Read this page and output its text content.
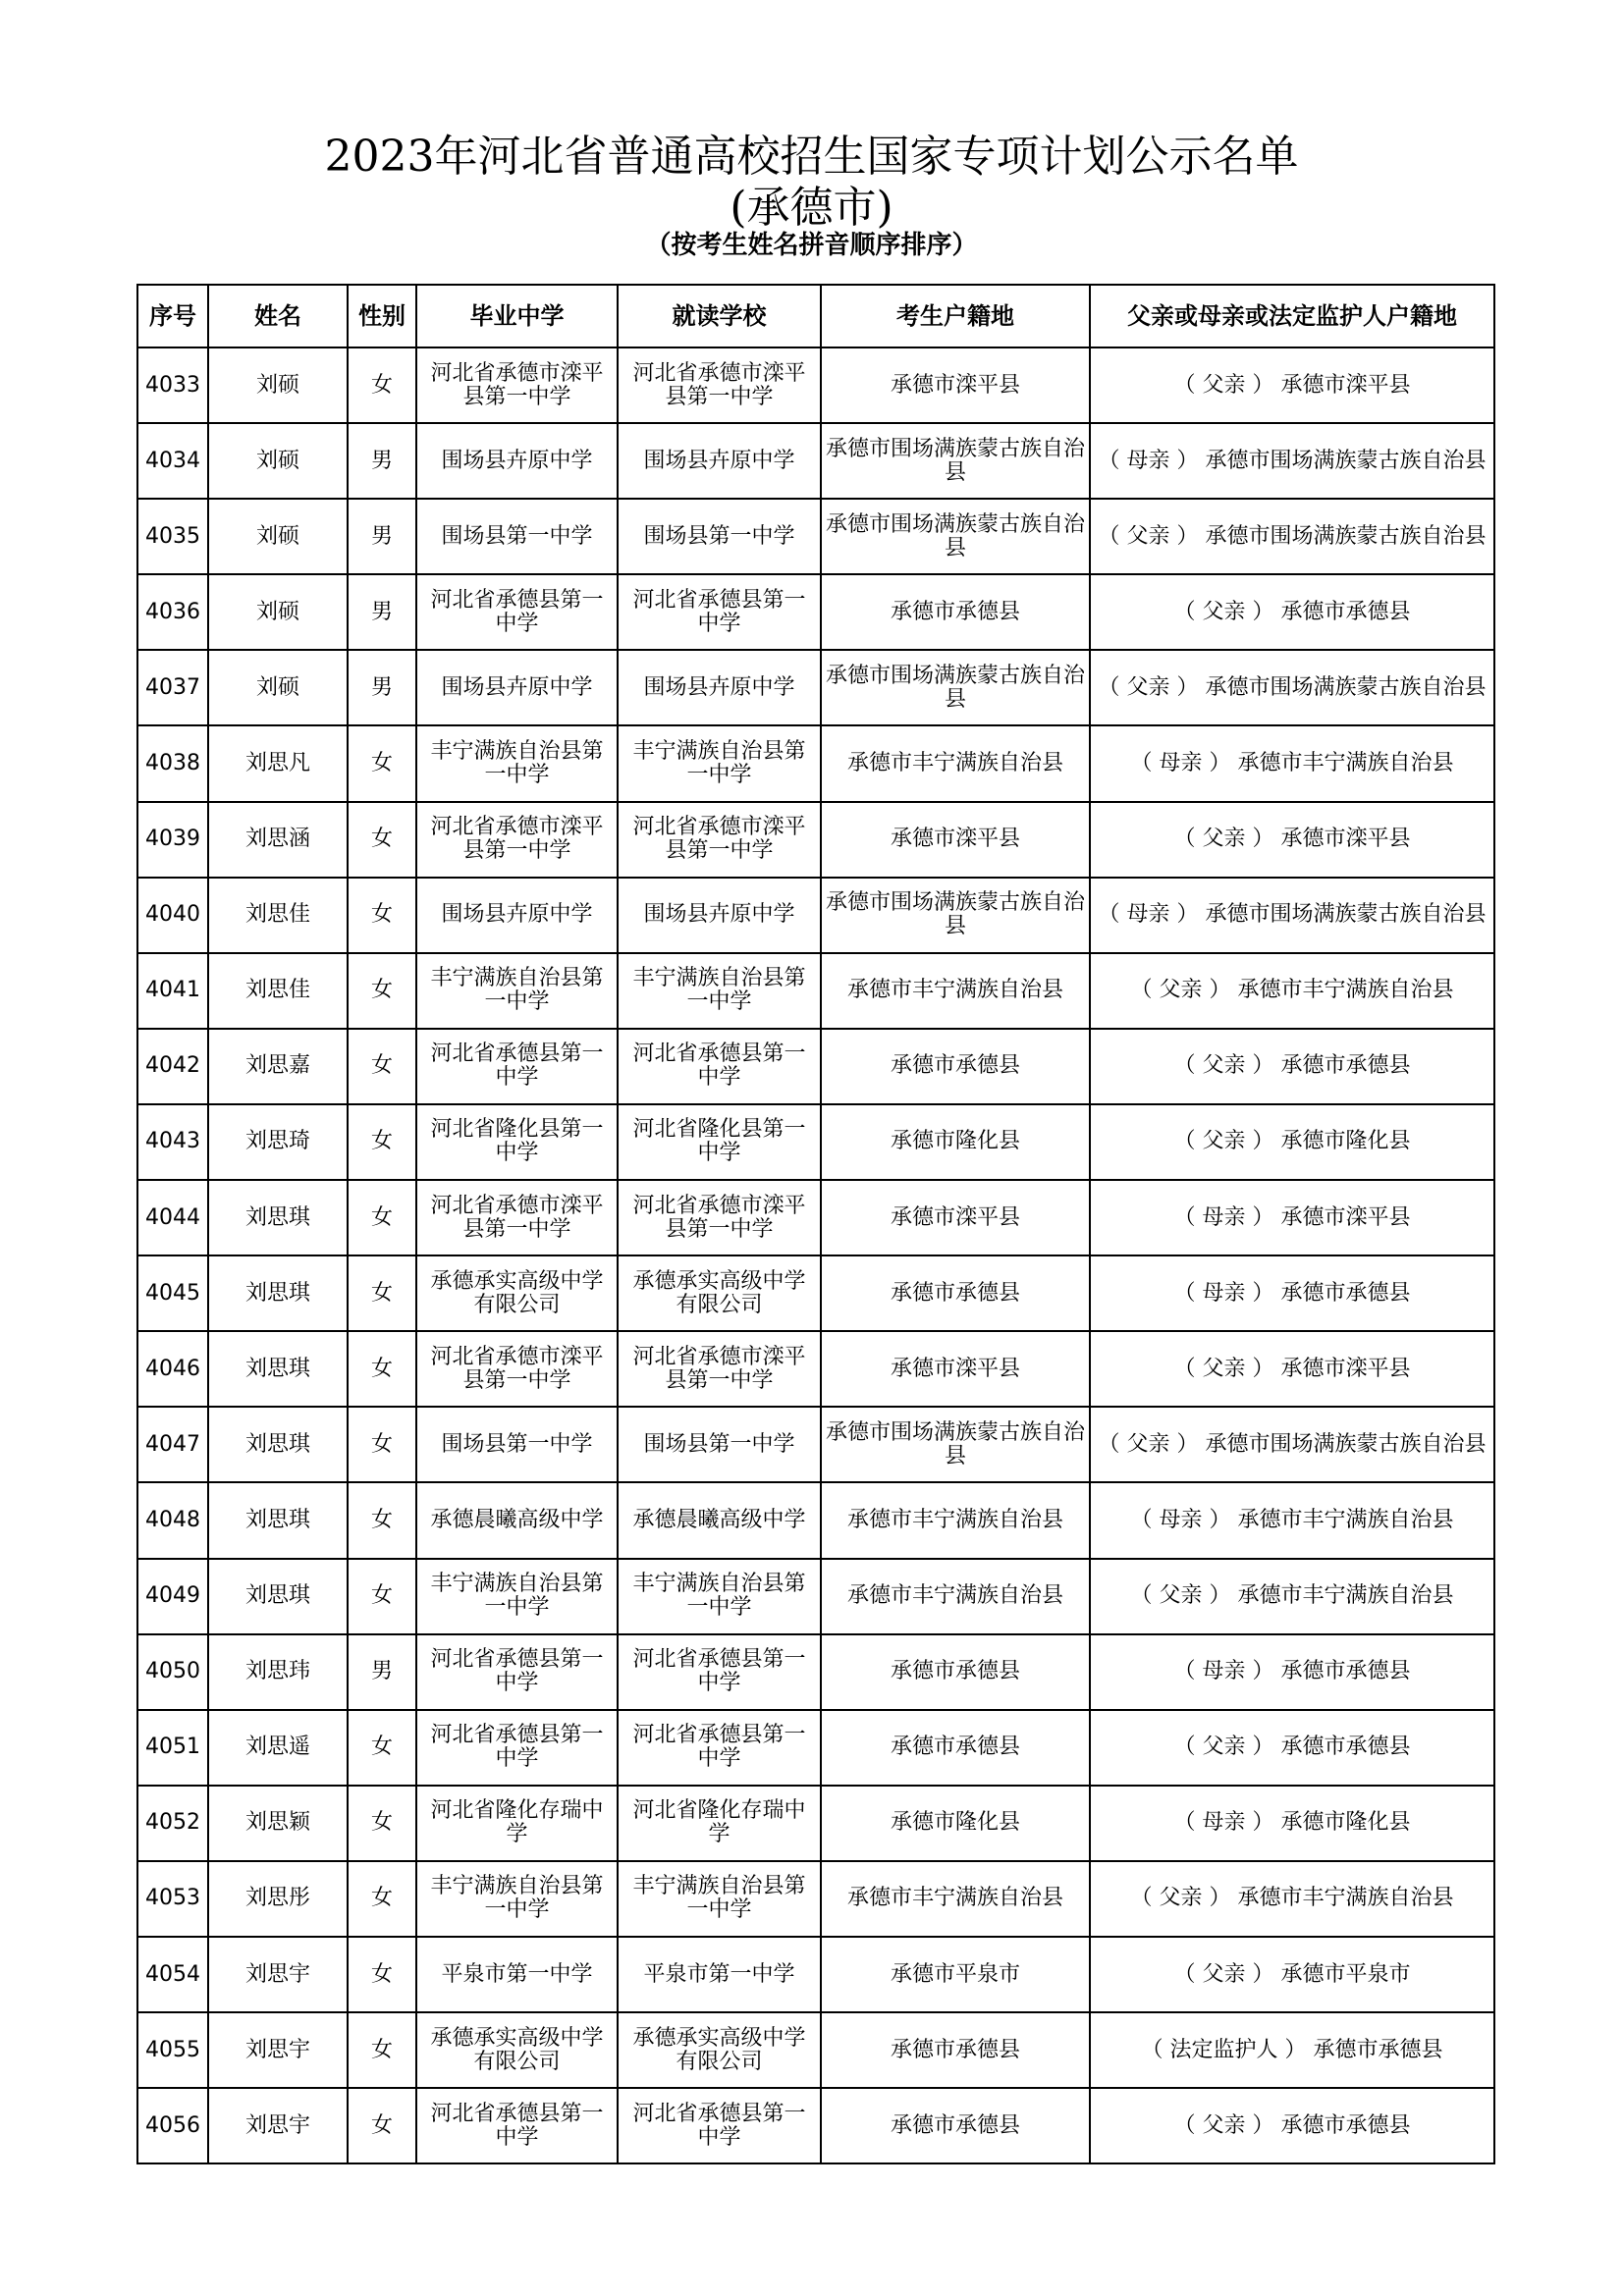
2023年河北省普通高校招生国家专项计划公示名单
(承德市)
（按考生姓名拼音顺序排序）
序号	姓名	性别	毕业中学	就读学校	考生户籍地	父亲或母亲或法定监护人户籍地
4033	刘硕	女	河北省承德市滦平县第一中学	河北省承德市滦平县第一中学	承德市滦平县	（ 父亲 ） 承德市滦平县
4034	刘硕	男	围场县卉原中学	围场县卉原中学	承德市围场满族蒙古族自治县	（ 母亲 ） 承德市围场满族蒙古族自治县
4035	刘硕	男	围场县第一中学	围场县第一中学	承德市围场满族蒙古族自治县	（ 父亲 ） 承德市围场满族蒙古族自治县
4036	刘硕	男	河北省承德县第一中学	河北省承德县第一中学	承德市承德县	（ 父亲 ） 承德市承德县
4037	刘硕	男	围场县卉原中学	围场县卉原中学	承德市围场满族蒙古族自治县	（ 父亲 ） 承德市围场满族蒙古族自治县
4038	刘思凡	女	丰宁满族自治县第一中学	丰宁满族自治县第一中学	承德市丰宁满族自治县	（ 母亲 ） 承德市丰宁满族自治县
4039	刘思涵	女	河北省承德市滦平县第一中学	河北省承德市滦平县第一中学	承德市滦平县	（ 父亲 ） 承德市滦平县
4040	刘思佳	女	围场县卉原中学	围场县卉原中学	承德市围场满族蒙古族自治县	（ 母亲 ） 承德市围场满族蒙古族自治县
4041	刘思佳	女	丰宁满族自治县第一中学	丰宁满族自治县第一中学	承德市丰宁满族自治县	（ 父亲 ） 承德市丰宁满族自治县
4042	刘思嘉	女	河北省承德县第一中学	河北省承德县第一中学	承德市承德县	（ 父亲 ） 承德市承德县
4043	刘思琦	女	河北省隆化县第一中学	河北省隆化县第一中学	承德市隆化县	（ 父亲 ） 承德市隆化县
4044	刘思琪	女	河北省承德市滦平县第一中学	河北省承德市滦平县第一中学	承德市滦平县	（ 母亲 ） 承德市滦平县
4045	刘思琪	女	承德承实高级中学有限公司	承德承实高级中学有限公司	承德市承德县	（ 母亲 ） 承德市承德县
4046	刘思琪	女	河北省承德市滦平县第一中学	河北省承德市滦平县第一中学	承德市滦平县	（ 父亲 ） 承德市滦平县
4047	刘思琪	女	围场县第一中学	围场县第一中学	承德市围场满族蒙古族自治县	（ 父亲 ） 承德市围场满族蒙古族自治县
4048	刘思琪	女	承德晨曦高级中学	承德晨曦高级中学	承德市丰宁满族自治县	（ 母亲 ） 承德市丰宁满族自治县
4049	刘思琪	女	丰宁满族自治县第一中学	丰宁满族自治县第一中学	承德市丰宁满族自治县	（ 父亲 ） 承德市丰宁满族自治县
4050	刘思玮	男	河北省承德县第一中学	河北省承德县第一中学	承德市承德县	（ 母亲 ） 承德市承德县
4051	刘思遥	女	河北省承德县第一中学	河北省承德县第一中学	承德市承德县	（ 父亲 ） 承德市承德县
4052	刘思颖	女	河北省隆化存瑞中学	河北省隆化存瑞中学	承德市隆化县	（ 母亲 ） 承德市隆化县
4053	刘思彤	女	丰宁满族自治县第一中学	丰宁满族自治县第一中学	承德市丰宁满族自治县	（ 父亲 ） 承德市丰宁满族自治县
4054	刘思宇	女	平泉市第一中学	平泉市第一中学	承德市平泉市	（ 父亲 ） 承德市平泉市
4055	刘思宇	女	承德承实高级中学有限公司	承德承实高级中学有限公司	承德市承德县	（ 法定监护人 ） 承德市承德县
4056	刘思宇	女	河北省承德县第一中学	河北省承德县第一中学	承德市承德县	（ 父亲 ） 承德市承德县
